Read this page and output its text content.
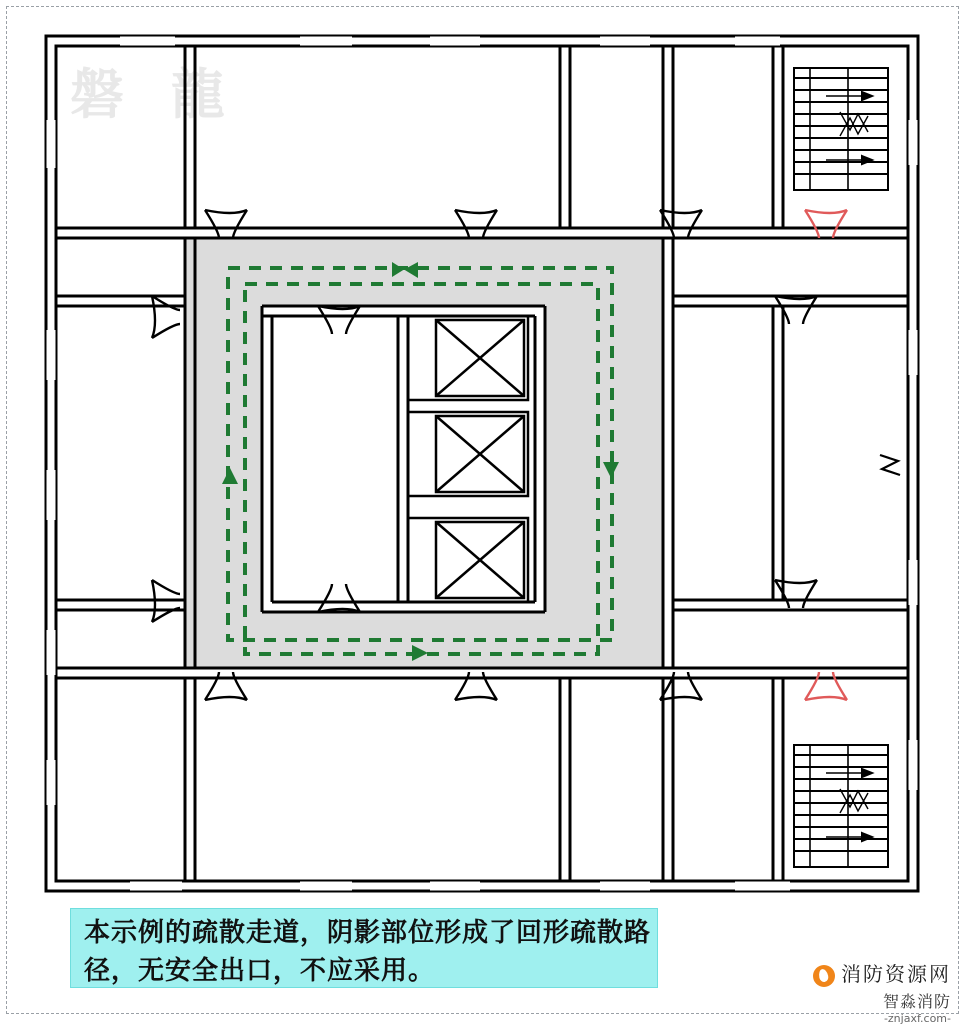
磐 龍
本示例的疏散走道，阴影部位形成了回形疏散路径，无安全出口，不应采用。	消防资源网
智淼消防
-znjaxf.com-
